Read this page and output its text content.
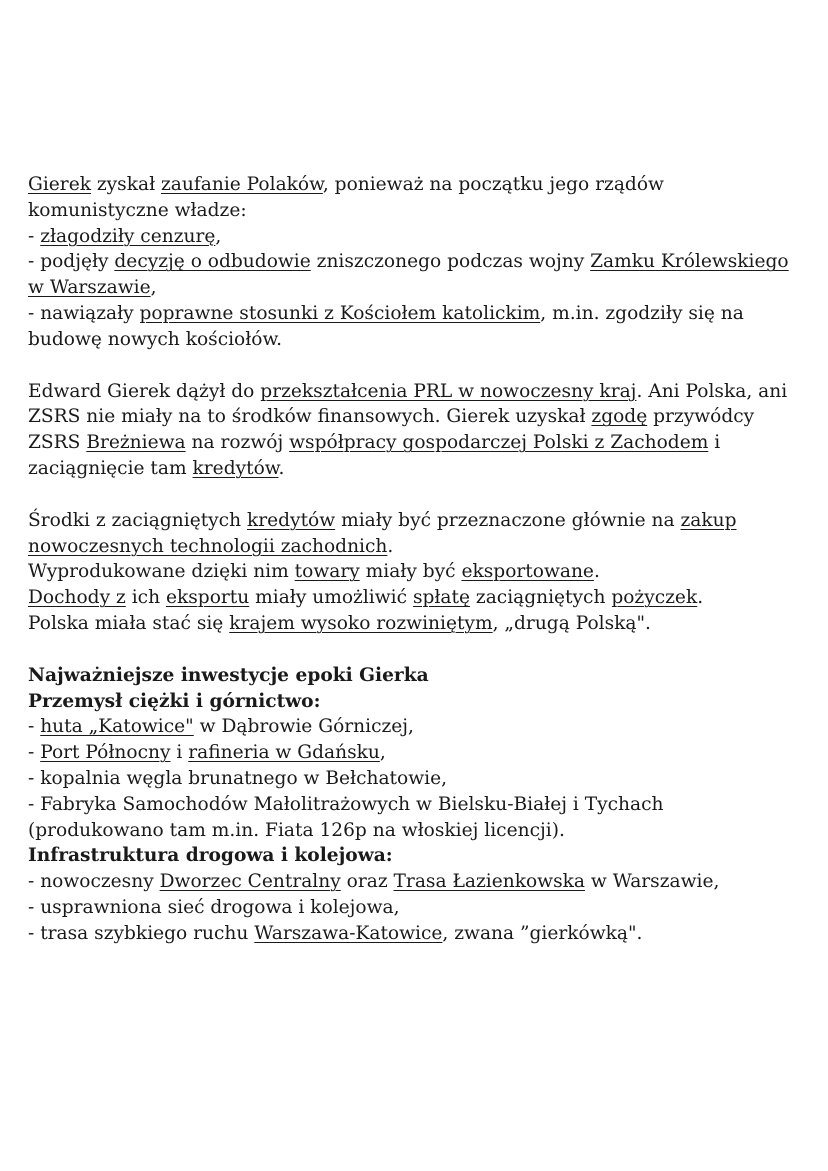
Gierek zyskał zaufanie Polaków, ponieważ na początku jego rządów komunistyczne władze:
- złagodziły cenzurę,
- podjęły decyzję o odbudowie zniszczonego podczas wojny Zamku Królewskiego w Warszawie,
- nawiązały poprawne stosunki z Kościołem katolickim, m.in. zgodziły się na budowę nowych kościołów.
Edward Gierek dążył do przekształcenia PRL w nowoczesny kraj. Ani Polska, ani ZSRS nie miały na to środków finansowych. Gierek uzyskał zgodę przywódcy ZSRS Breżniewa na rozwój współpracy gospodarczej Polski z Zachodem i zaciągnięcie tam kredytów.
Środki z zaciągniętych kredytów miały być przeznaczone głównie na zakup nowoczesnych technologii zachodnich.
Wyprodukowane dzięki nim towary miały być eksportowane.
Dochody z ich eksportu miały umożliwić spłatę zaciągniętych pożyczek.
Polska miała stać się krajem wysoko rozwiniętym, „drugą Polską".
Najważniejsze inwestycje epoki Gierka
Przemysł ciężki i górnictwo:
- huta „Katowice" w Dąbrowie Górniczej,
- Port Północny i rafineria w Gdańsku,
- kopalnia węgla brunatnego w Bełchatowie,
- Fabryka Samochodów Małolitrażowych w Bielsku-Białej i Tychach (produkowano tam m.in. Fiata 126p na włoskiej licencji).
Infrastruktura drogowa i kolejowa:
- nowoczesny Dworzec Centralny oraz Trasa Łazienkowska w Warszawie,
- usprawniona sieć drogowa i kolejowa,
- trasa szybkiego ruchu Warszawa-Katowice, zwana ”gierkówką".
